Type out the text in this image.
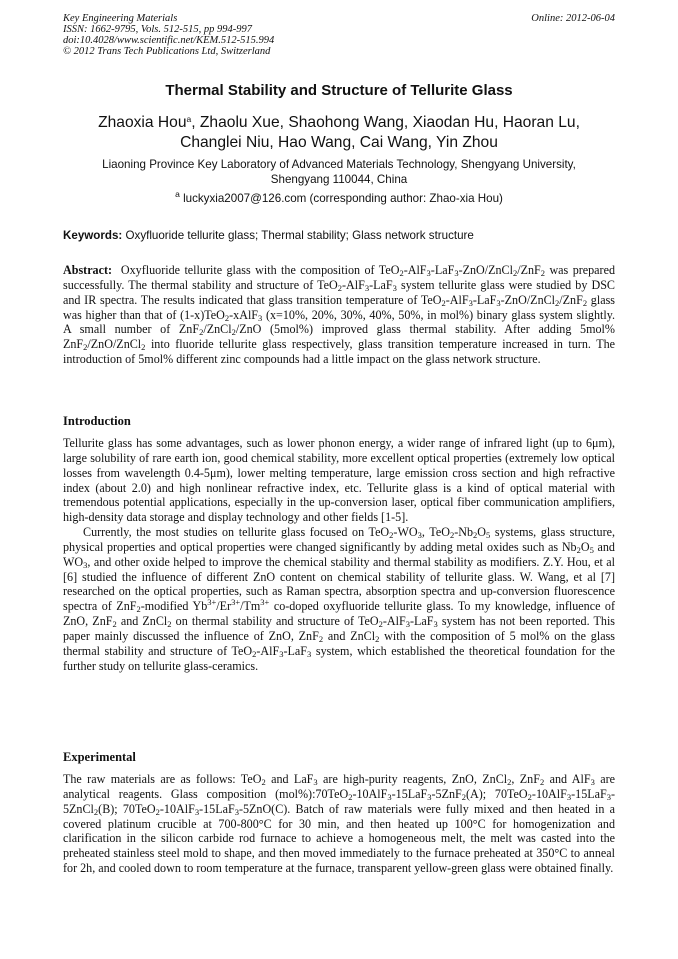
Key Engineering Materials
ISSN: 1662-9795, Vols. 512-515, pp 994-997
doi:10.4028/www.scientific.net/KEM.512-515.994
© 2012 Trans Tech Publications Ltd, Switzerland
Online: 2012-06-04
Thermal Stability and Structure of Tellurite Glass
Zhaoxia Hou$^a$, Zhaolu Xue, Shaohong Wang, Xiaodan Hu, Haoran Lu,
Changlei Niu, Hao Wang, Cai Wang, Yin Zhou
Liaoning Province Key Laboratory of Advanced Materials Technology, Shengyang University,
Shengyang 110044, China
$^a$ luckyxia2007@126.com (corresponding author: Zhao-xia Hou)
Keywords: Oxyfluoride tellurite glass; Thermal stability; Glass network structure
Abstract: Oxyfluoride tellurite glass with the composition of TeO$_2$-AlF$_3$-LaF$_3$-ZnO/ZnCl$_2$/ZnF$_2$ was prepared successfully. The thermal stability and structure of TeO$_2$-AlF$_3$-LaF$_3$ system tellurite glass were studied by DSC and IR spectra. The results indicated that glass transition temperature of TeO$_2$-AlF$_3$-LaF$_3$-ZnO/ZnCl$_2$/ZnF$_2$ glass was higher than that of (1-x)TeO$_2$-xAlF$_3$ (x=10%, 20%, 30%, 40%, 50%, in mol%) binary glass system slightly. A small number of ZnF$_2$/ZnCl$_2$/ZnO (5mol%) improved glass thermal stability. After adding 5mol% ZnF$_2$/ZnO/ZnCl$_2$ into fluoride tellurite glass respectively, glass transition temperature increased in turn. The introduction of 5mol% different zinc compounds had a little impact on the glass network structure.
Introduction

Tellurite glass has some advantages, such as lower phonon energy, a wider range of infrared light (up to 6μm), large solubility of rare earth ion, good chemical stability, more excellent optical properties (extremely low optical losses from wavelength 0.4-5μm), lower melting temperature, large emission cross section and high refractive index (about 2.0) and high nonlinear refractive index, etc. Tellurite glass is a kind of optical material with tremendous potential applications, especially in the up-conversion laser, optical fiber communication amplifiers, high-density data storage and display technology and other fields [1-5].

Currently, the most studies on tellurite glass focused on $TeO_2-WO_3$, $TeO_2-Nb_2O_5$ systems, glass structure, physical properties and optical properties were changed significantly by adding metal oxides such as $Nb_2O_5$ and $WO_3$, and other oxide helped to improve the chemical stability and thermal stability as modifiers. Z.Y. Hou, et al [6] studied the influence of different ZnO content on chemical stability of tellurite glass. W. Wang, et al [7] researched on the optical properties, such as Raman spectra, absorption spectra and up-conversion fluorescence spectra of ZnF$_2$-modified $Yb^{3+}/Er^{3+}/Tm^{3+}$ co-doped oxyfluoride tellurite glass. To my knowledge, influence of ZnO, ZnF$_2$ and ZnCl$_2$ on thermal stability and structure of TeO$_2$-AlF$_3$-LaF$_3$ system has not been reported. This paper mainly discussed the influence of ZnO, ZnF$_2$ and ZnCl$_2$ with the composition of 5 mol% on the glass thermal stability and structure of TeO$_2$-AlF$_3$-LaF$_3$ system, which established the theoretical foundation for the further study on tellurite glass-ceramics.

Experimental

The raw materials are as follows: TeO$_2$ and LaF$_3$ are high-purity reagents, ZnO, ZnCl$_2$, ZnF$_2$ and AlF$_3$ are analytical reagents. Glass composition (mol%):70TeO$_2$-10AlF$_3$-15LaF$_3$-5ZnF$_2$(A); 70TeO$_2$-10AlF$_3$-15LaF$_3$-5ZnCl$_2$(B); 70TeO$_2$-10AlF$_3$-15LaF$_3$-5ZnO(C). Batch of raw materials were fully mixed and then heated in a covered platinum crucible at 700-800°C for 30 min, and then heated up 100°C for homogenization and clarification in the silicon carbide rod furnace to achieve a homogeneous melt, the melt was casted into the preheated stainless steel mold to shape, and then moved immediately to the furnace preheated at 350°C to anneal for 2h, and cooled down to room temperature at the furnace, transparent yellow-green glass were obtained finally.
